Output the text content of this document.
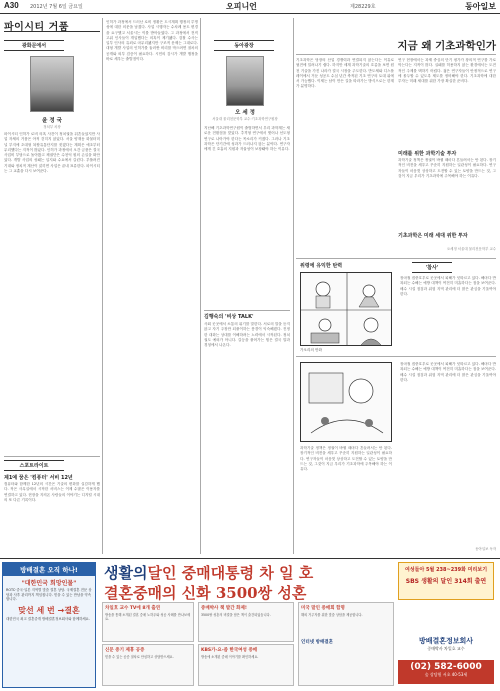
A30 2012년 7월 6일 금요일	오피니언	제28229호	동아일보
파이시티 거품
광화문에서
윤 정 국
정치부 차장
파이시티 인허가 로비 의혹 사건이 정치권을 뒤흔들었지만 사업 자체의 거품은 아직 걷히지 않았다. 서울 양재동 화물터미널 부지에 초대형 복합유통단지를 짓겠다는 계획은 애초부터 무리했다는 지적이 많았다. 인허가 과정에서 오간 금품은 결국 사업비 부담으로 돌아왔고 채권단은 수천억 원의 손실을 떠안았다. 개발 사업의 성패는 입지와 수요에서 갈린다. 부풀려진 기대와 정치적 계산이 얽히면 사업은 끝내 표류한다. 파이시티는 그 교훈을 다시 보여준다.
스포트라이트
제1예 꿈은 '컴퓨터' 서비 12년
컴퓨터와 함께한 12년의 시간은 기술의 변화를 실감하게 했다. 작은 사무실에서 시작한 서비스는 이제 수많은 이용자를 연결하고 있다. 현장을 지켜온 사람들의 이야기는 디지털 시대의 또 다른 기록이다.
인허가 과정에서 드러난 로비 정황은 도시계획 행정의 투명성에 대한 의문을 남겼다. 사업 시행자는 수차례 용도 변경을 요구했고 서울시는 이를 받아들였다. 그 과정에서 전직 고위 인사들이 개입했다는 의혹이 제기됐다. 검찰 수사는 일부 인사의 유죄로 마무리됐지만 구조적 문제는 그대로다. 대형 개발 사업의 인허가를 둘러싼 비리를 막으려면 절차의 공개와 외부 검증이 필요하다. 시민의 감시가 개발 행정을 바로 세우는 출발점이다.
동아광장
오 세 정
서울대 물리천문학부 교수·기초과학연구원장
지난해 기초과학연구원이 출범하면서 우리 과학계는 새로운 전환점을 맞았다. 추격형 연구에서 벗어나 선도형 연구로 나아가야 한다는 목소리가 커졌다. 그러나 기초과학은 단기간에 성과가 드러나지 않는 분야다. 연구자에게 긴 호흡의 지원과 자율성이 보장돼야 하는 이유다.
김행숙의 '비상 TALK'
사회 곳곳에서 소통의 위기를 말한다. 서로의 말을 듣지 않고 자기 주장만 되풀이하는 풍경이 익숙해졌다. 진정한 대화는 상대를 이해하려는 노력에서 시작된다. 정치권도 예외가 아니다. 갈등을 풀어가는 힘은 결국 말과 경청에서 나온다.
지금 왜 기초과학인가
기초과학은 당장의 산업 경쟁력과 연결되지 않는다는 이유로 뒷전에 밀려나기 쉽다. 하지만 세계 과학기술의 흐름을 보면 원천 기술을 가진 나라가 결국 시장을 주도한다. 반도체와 디스플레이에서 거둔 성공도 수십 년간 축적된 기초 연구의 토대 위에서 가능했다. 이제는 남이 만든 길을 따라가는 방식으로는 한계가 분명하다.
연구 현장에서는 과제 중심의 단기 평가가 창의적 연구를 가로막는다는 지적이 많다. 실패를 허용하지 않는 환경에서는 도전적인 주제를 택하기 어렵다. 젊은 연구자들이 안정적으로 연구에 몰두할 수 있도록 제도를 정비해야 한다. 기초과학에 대한 투자는 미래 세대를 위한 가장 확실한 준비다.
미래를 위한 과학기술 투자
과학기술 정책은 정권이 바뀔 때마다 흔들려서는 안 된다. 장기적인 비전을 세우고 꾸준히 지원하는 일관성이 필요하다. 연구자들이 마음껏 상상하고 도전할 수 있는 토양을 만드는 것, 그것이 지금 우리가 기초과학에 주목해야 하는 이유다.
기초과학은 미래 세대 위한 투자
오세정 서울대 물리천문학부 교수
위령에 유익한 탄력
가오리의 만화
'참사'
장마철 집중호우로 곳곳에서 피해가 잇따르고 있다. 해마다 반복되는 수해는 예방 대책이 여전히 미흡하다는 점을 보여준다. 배수 시설 점검과 위험 지역 관리에 더 많은 관심을 기울여야 한다.
장마철 집중호우로 곳곳에서 피해가 잇따르고 있다. 해마다 반복되는 수해는 예방 대책이 여전히 미흡하다는 점을 보여준다. 배수 시설 점검과 위험 지역 관리에 더 많은 관심을 기울여야 한다.
동아일보 독자
과학기술 정책은 정권이 바뀔 때마다 흔들려서는 안 된다. 장기적인 비전을 세우고 꾸준히 지원하는 일관성이 필요하다. 연구자들이 마음껏 상상하고 도전할 수 있는 토양을 만드는 것, 그것이 지금 우리가 기초과학에 주목해야 하는 이유다.
방배결혼 오직 하나!
"대한민국 희망인물"
ROTC·중국·일본 지역별 맞춤 결혼 상담. 국제결혼 전문 상담과 사후 관리까지 책임집니다. 믿을 수 있는 만남을 약속합니다.
맞선 세 번 →결혼
대한민국 최고 결혼중개 방배결혼정보회사와 함께하세요.
생활의달인 중매대통령 차 일 호
결혼중매의 신화 3500쌍 성혼
여성들아 5월 238~239화 미리보기
SBS 생활의 달인 314회 출연
차일호 교수 TV에 8개 출연
방송을 통해 소개된 결혼 중매 노하우와 성공 사례를 만나보세요.
신문 중기 제휴 공증
믿을 수 있는 공증 절차로 안심하고 상담받으세요.
중매박사 책 발간 화제!
3500쌍 성혼의 비결을 담은 책이 출간되었습니다.
KBS가-요-즘 한국여성 중매
방송에 소개된 중매 이야기를 확인하세요.
미국 말인 중매회 합명
해외 거주자를 위한 맞춤 상담을 제공합니다.
인터넷 방배결혼	방배결혼정보회사
중매박사 차일호 교수
(02) 582-6000
숲 상담원 서초 40-53세
